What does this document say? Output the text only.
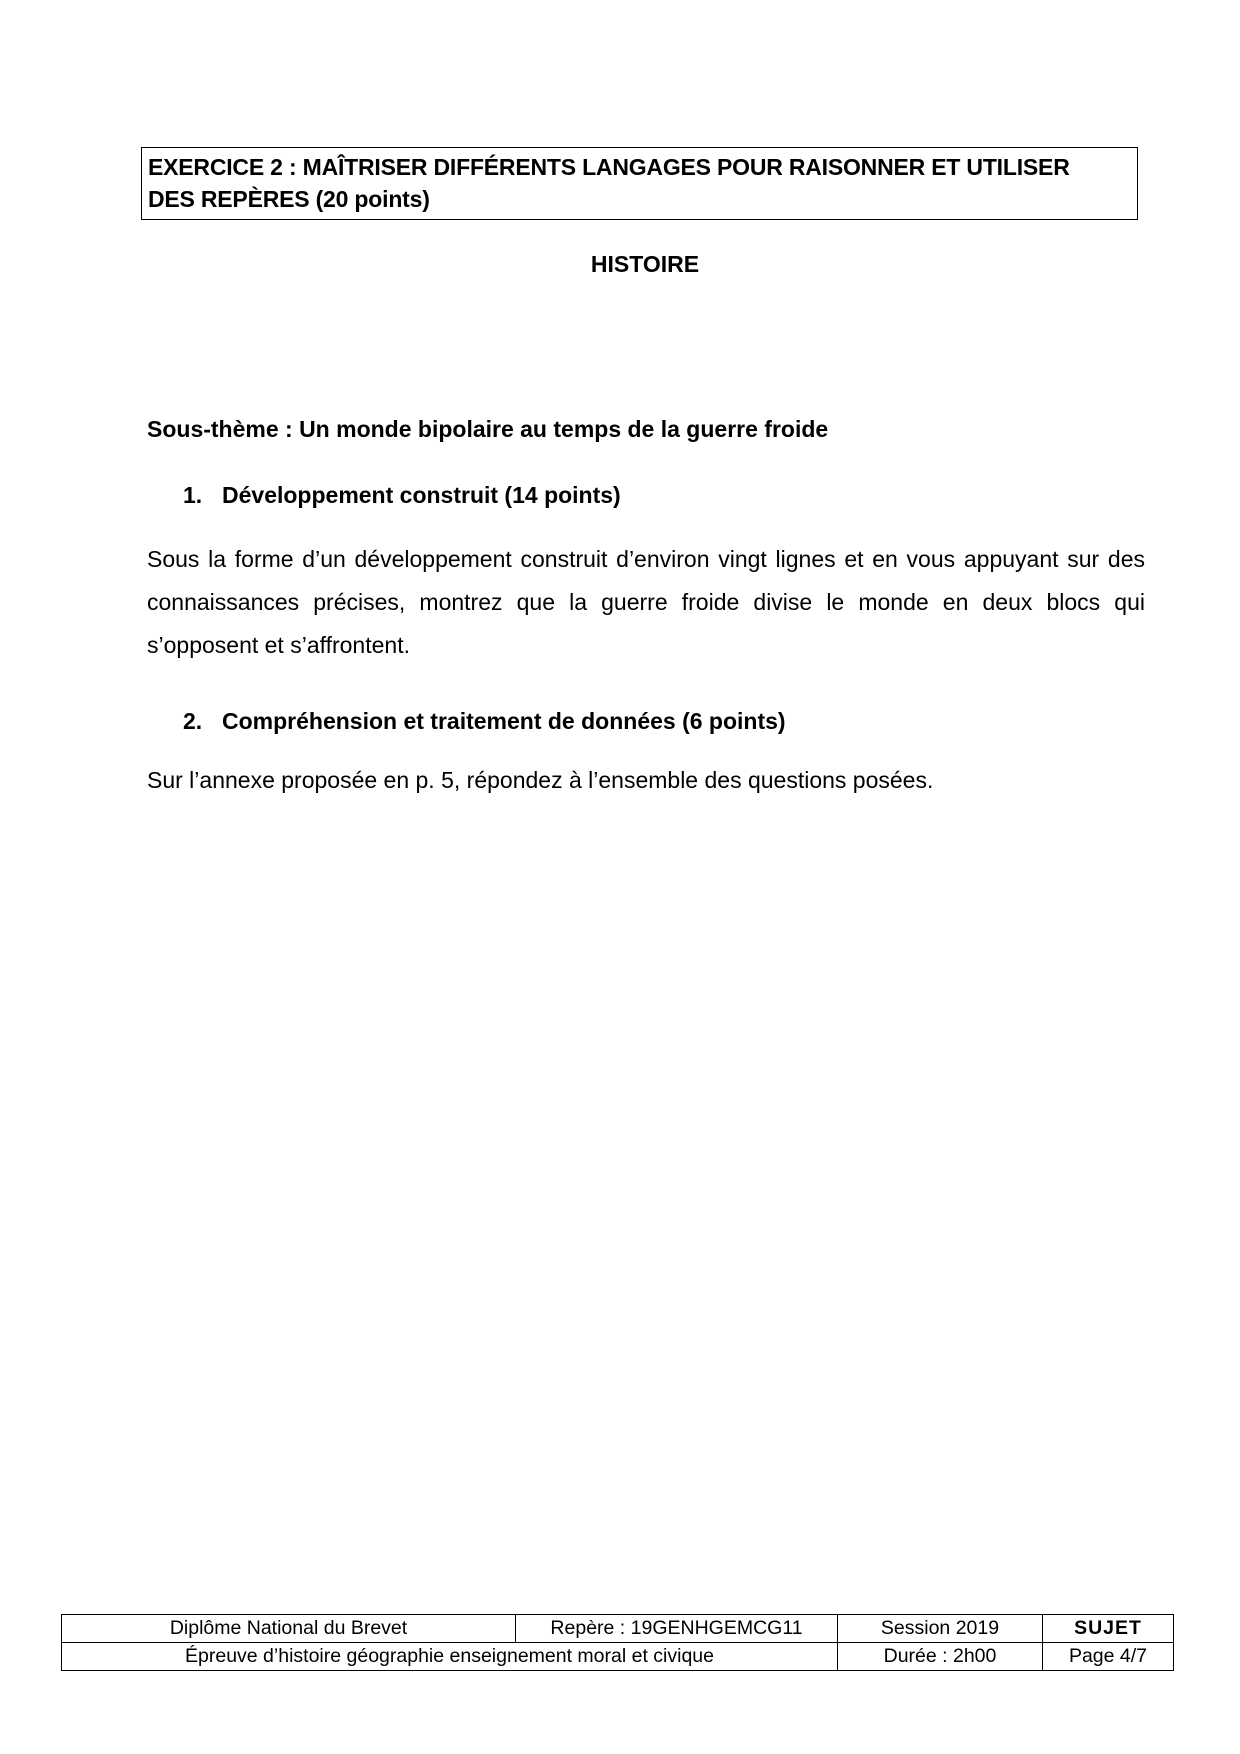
EXERCICE 2 : MAÎTRISER DIFFÉRENTS LANGAGES POUR RAISONNER ET UTILISER
DES REPÈRES (20 points)
HISTOIRE
Sous-thème : Un monde bipolaire au temps de la guerre froide
1. Développement construit (14 points)
Sous la forme d’un développement construit d’environ vingt lignes et en vous appuyant sur des connaissances précises, montrez que la guerre froide divise le monde en deux blocs qui s’opposent et s’affrontent.
2. Compréhension et traitement de données (6 points)
Sur l’annexe proposée en p. 5, répondez à l’ensemble des questions posées.
Diplôme National du Brevet	Repère : 19GENHGEMCG11	Session 2019	SUJET
Épreuve d’histoire géographie enseignement moral et civique		Durée : 2h00	Page 4/7
